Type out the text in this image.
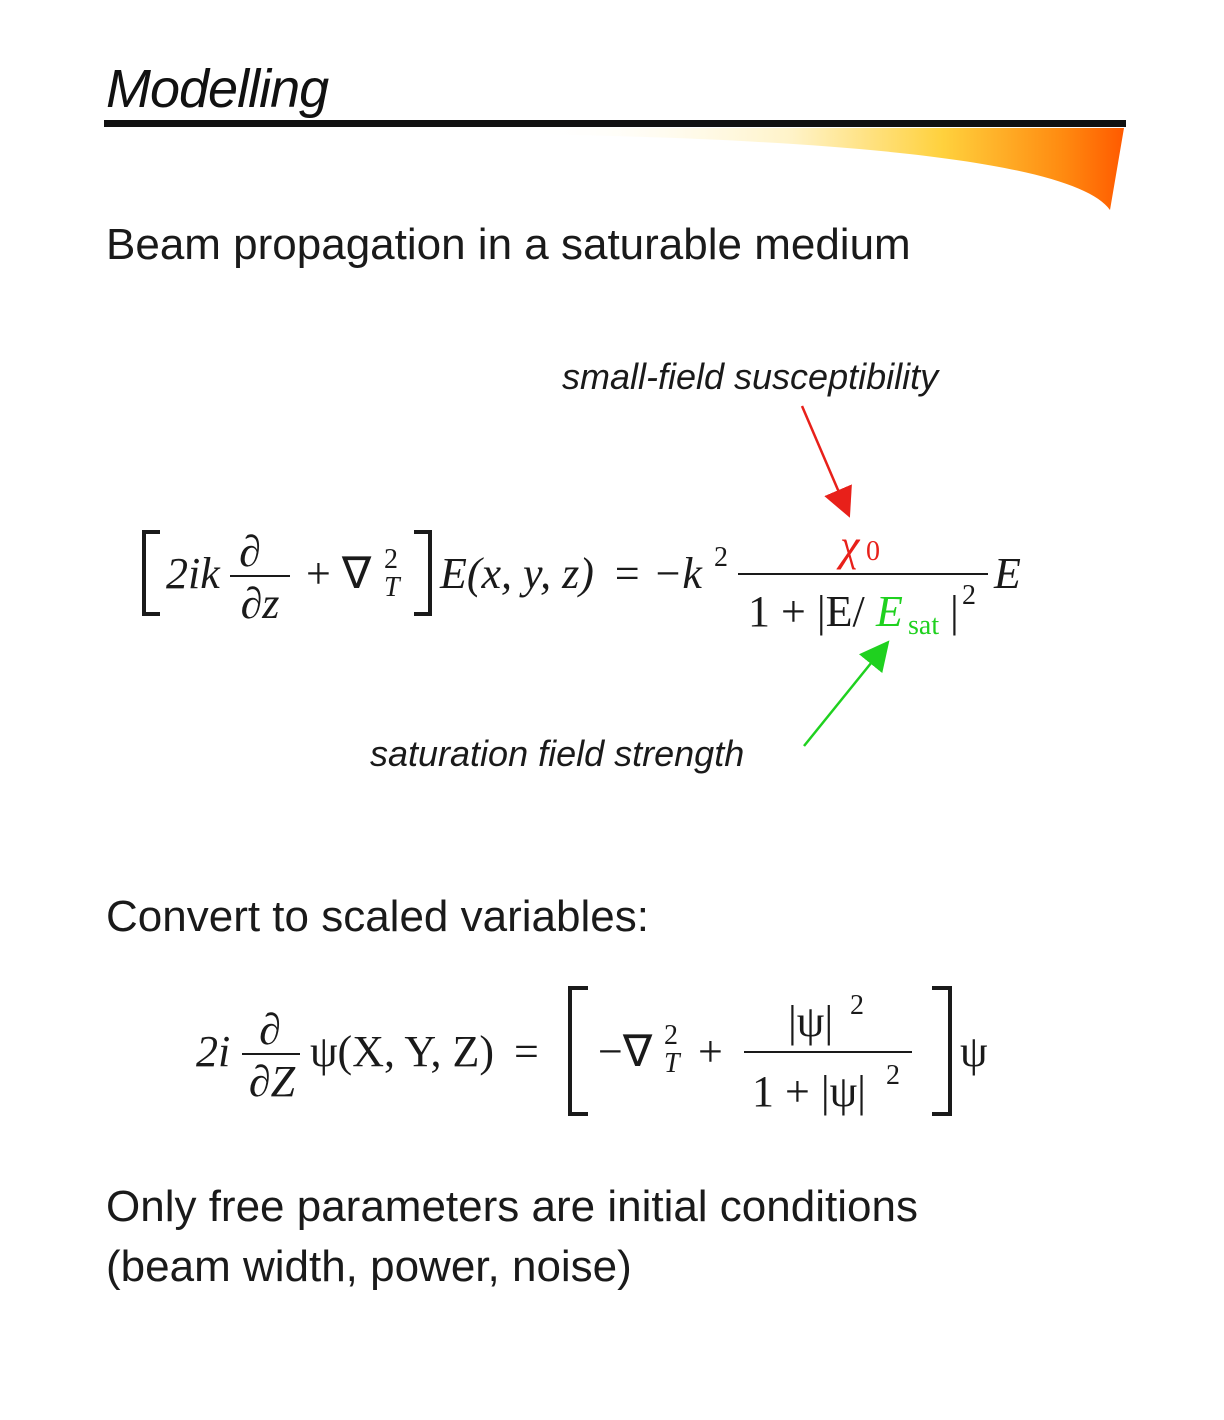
Modelling
Beam propagation in a saturable medium
small-field susceptibility
saturation field strength
Convert to scaled variables:
Only free parameters are initial conditions
(beam width, power, noise)
2ik ∂
∂z
+ ∇ 2
T E(x, y, z) = −k 2	χ 0
1 + |E/ E sat | 2 E
2i ∂
∂Z
ψ(X, Y, Z) = −∇ 2
T +
|ψ| 2
1 + |ψ| 2 ψ
